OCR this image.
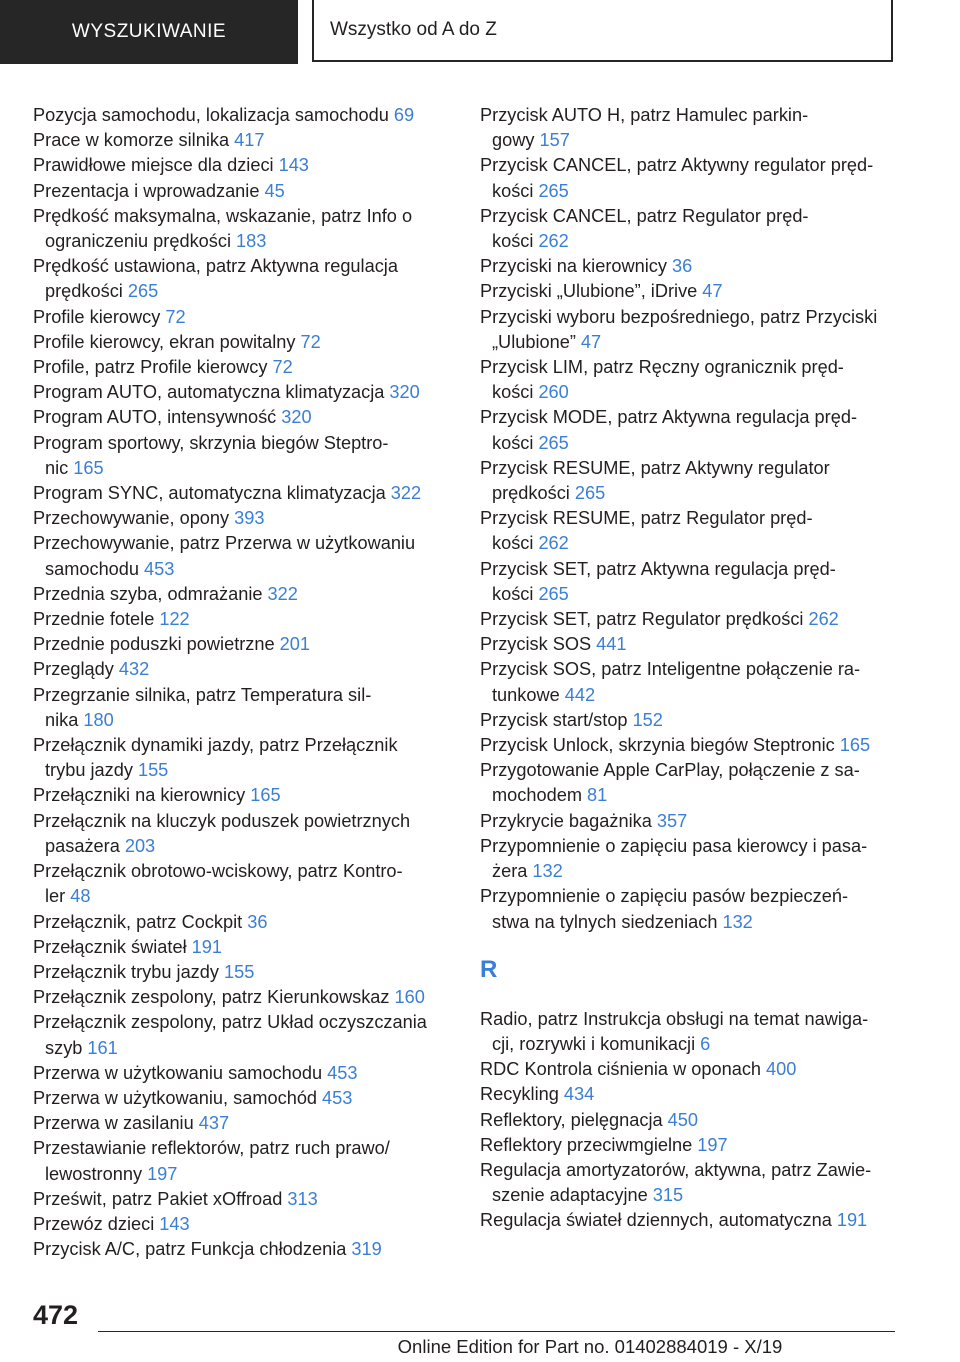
WYSZUKIWANIE	Wszystko od A do Z

Pozycja samochodu, lokalizacja samochodu 69

Prace w komorze silnika 417

Prawidłowe miejsce dla dzieci 143

Prezentacja i wprowadzanie 45

Prędkość maksymalna, wskazanie, patrz Info o
ograniczeniu prędkości 183

Prędkość ustawiona, patrz Aktywna regulacja
prędkości 265

Profile kierowcy 72

Profile kierowcy, ekran powitalny 72

Profile, patrz Profile kierowcy 72

Program AUTO, automatyczna klimatyzacja 320

Program AUTO, intensywność 320

Program sportowy, skrzynia biegów Steptro-
nic 165

Program SYNC, automatyczna klimatyzacja 322

Przechowywanie, opony 393

Przechowywanie, patrz Przerwa w użytkowaniu
samochodu 453

Przednia szyba, odmrażanie 322

Przednie fotele 122

Przednie poduszki powietrzne 201

Przeglądy 432

Przegrzanie silnika, patrz Temperatura sil-
nika 180

Przełącznik dynamiki jazdy, patrz Przełącznik
trybu jazdy 155

Przełączniki na kierownicy 165

Przełącznik na kluczyk poduszek powietrznych
pasażera 203

Przełącznik obrotowo-wciskowy, patrz Kontro-
ler 48

Przełącznik, patrz Cockpit 36

Przełącznik świateł 191

Przełącznik trybu jazdy 155

Przełącznik zespolony, patrz Kierunkowskaz 160

Przełącznik zespolony, patrz Układ oczyszczania
szyb 161

Przerwa w użytkowaniu samochodu 453

Przerwa w użytkowaniu, samochód 453

Przerwa w zasilaniu 437

Przestawianie reflektorów, patrz ruch prawo/
lewostronny 197

Prześwit, patrz Pakiet xOffroad 313

Przewóz dzieci 143

Przycisk A/C, patrz Funkcja chłodzenia 319

Przycisk AUTO H, patrz Hamulec parkin-
gowy 157

Przycisk CANCEL, patrz Aktywny regulator pręd-
kości 265

Przycisk CANCEL, patrz Regulator pręd-
kości 262

Przyciski na kierownicy 36

Przyciski „Ulubione”, iDrive 47

Przyciski wyboru bezpośredniego, patrz Przyciski
„Ulubione” 47

Przycisk LIM, patrz Ręczny ogranicznik pręd-
kości 260

Przycisk MODE, patrz Aktywna regulacja pręd-
kości 265

Przycisk RESUME, patrz Aktywny regulator
prędkości 265

Przycisk RESUME, patrz Regulator pręd-
kości 262

Przycisk SET, patrz Aktywna regulacja pręd-
kości 265

Przycisk SET, patrz Regulator prędkości 262

Przycisk SOS 441

Przycisk SOS, patrz Inteligentne połączenie ra-
tunkowe 442

Przycisk start/stop 152

Przycisk Unlock, skrzynia biegów Steptronic 165

Przygotowanie Apple CarPlay, połączenie z sa-
mochodem 81

Przykrycie bagażnika 357

Przypomnienie o zapięciu pasa kierowcy i pasa-
żera 132

Przypomnienie o zapięciu pasów bezpieczeń-
stwa na tylnych siedzeniach 132

R

Radio, patrz Instrukcja obsługi na temat nawiga-
cji, rozrywki i komunikacji 6

RDC Kontrola ciśnienia w oponach 400

Recykling 434

Reflektory, pielęgnacja 450

Reflektory przeciwmgielne 197

Regulacja amortyzatorów, aktywna, patrz Zawie-
szenie adaptacyjne 315

Regulacja świateł dziennych, automatyczna 191

472
Online Edition for Part no. 01402884019 - X/19
